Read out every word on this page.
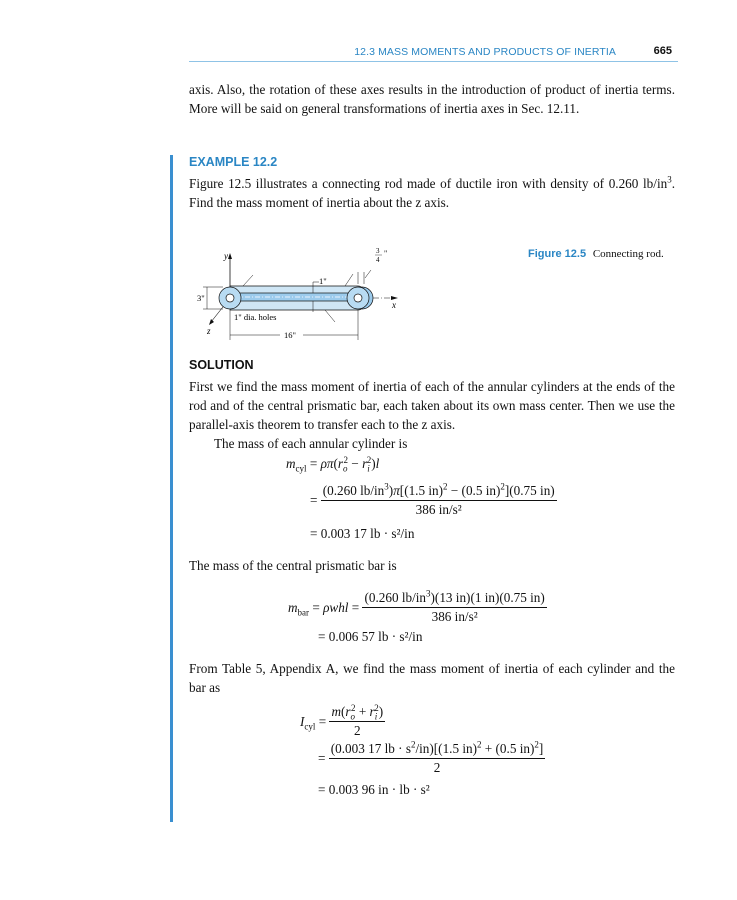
12.3 MASS MOMENTS AND PRODUCTS OF INERTIA	665
axis. Also, the rotation of these axes results in the introduction of product of inertia terms.
More will be said on general transformations of inertia axes in Sec. 12.11.
EXAMPLE 12.2
Figure 12.5 illustrates a connecting rod made of ductile iron with density of 0.260 $lb/in^3$.
Find the mass moment of inertia about the z axis.
y
x
z
1"
3
4
"
3"
1" dia. holes
16"
Figure 12.5 Connecting rod.
SOLUTION
First we find the mass moment of inertia of each of the annular cylinders at the ends of the
rod and of the central prismatic bar, each taken about its own mass center. Then we use the
parallel-axis theorem to transfer each to the z axis.
The mass of each annular cylinder is
$m_{cyl} = \rho\pi(r_o^2 - r_i^2)l$
= $\frac{(0.260 lb/in^3)\pi[(1.5 in)^2 - (0.5 in)^2](0.75 in)}{\text{386 in/s²}}$
= 0.003 17 lb · s²/in
The mass of the central prismatic bar is
$m_{bar} = \rho whl = \frac{(0.260 lb/in^3)(13 in)(1 in)(0.75 in)}{\text{386 in/s²}}$
= 0.006 57 lb · s²/in
From Table 5, Appendix A, we find the mass moment of inertia of each cylinder and the
bar as
$I_{cyl} = \frac{m(r_o^2 + r_i^2)}{2}$
= $\frac{(0.003 17 lb \cdot s^2/in)[(1.5 in)^2 + (0.5 in)^2]}{2}$
= 0.003 96 in · lb · s²
